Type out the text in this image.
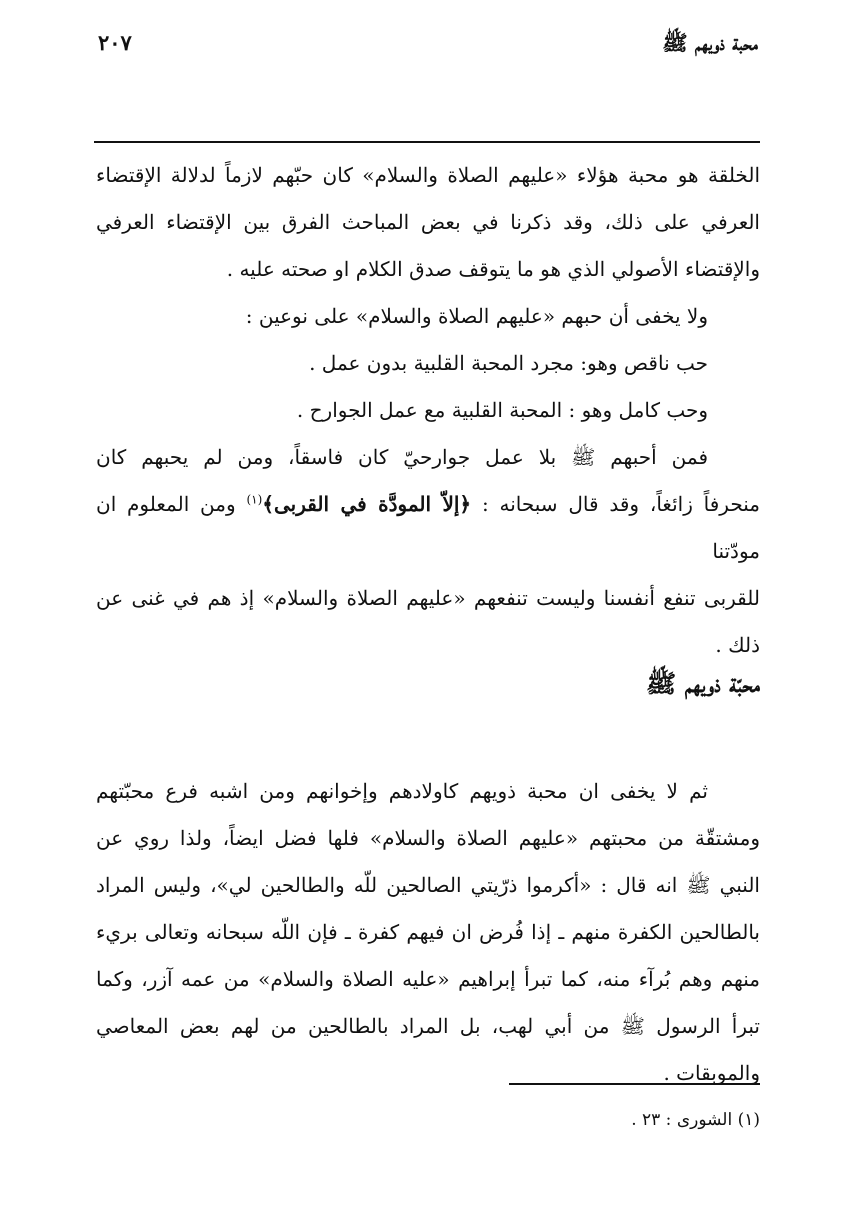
محبة ذويهم ﷺ
٢٠٧
الخلقة هو محبة هؤلاء «عليهم الصلاة والسلام» كان حبّهم لازماً لدلالة الإقتضاء
العرفي على ذلك، وقد ذكرنا في بعض المباحث الفرق بين الإقتضاء العرفي
والإقتضاء الأصولي الذي هو ما يتوقف صدق الكلام او صحته عليه .
ولا يخفى أن حبهم «عليهم الصلاة والسلام» على نوعين :
حب ناقص وهو: مجرد المحبة القلبية بدون عمل .
وحب كامل وهو : المحبة القلبية مع عمل الجوارح .
فمن أحبهم ﷺ بلا عمل جوارحيّ كان فاسقاً، ومن لم يحبهم كان
منحرفاً زائغاً، وقد قال سبحانه : ﴿إلاّ المودَّة في القربى﴾$^{(١)}$ ومن المعلوم ان مودّتنا
للقربى تنفع أنفسنا وليست تنفعهم «عليهم الصلاة والسلام» إذ هم في غنى عن
ذلك .
محبّة ذويهم ﷺ
ثم لا يخفى ان محبة ذويهم كاولادهم وإخوانهم ومن اشبه فرع محبّتهم
ومشتقّة من محبتهم «عليهم الصلاة والسلام» فلها فضل ايضاً، ولذا روي عن
النبي ﷺ انه قال : «أكرموا ذرّيتي الصالحين للّه والطالحين لي»، وليس المراد
بالطالحين الكفرة منهم ـ إذا فُرض ان فيهم كفرة ـ فإن اللّه سبحانه وتعالى بريء
منهم وهم بُرآء منه، كما تبرأ إبراهيم «عليه الصلاة والسلام» من عمه آزر، وكما
تبرأ الرسول ﷺ من أبي لهب، بل المراد بالطالحين من لهم بعض المعاصي
والموبقات .
(١) الشورى : ٢٣ .
